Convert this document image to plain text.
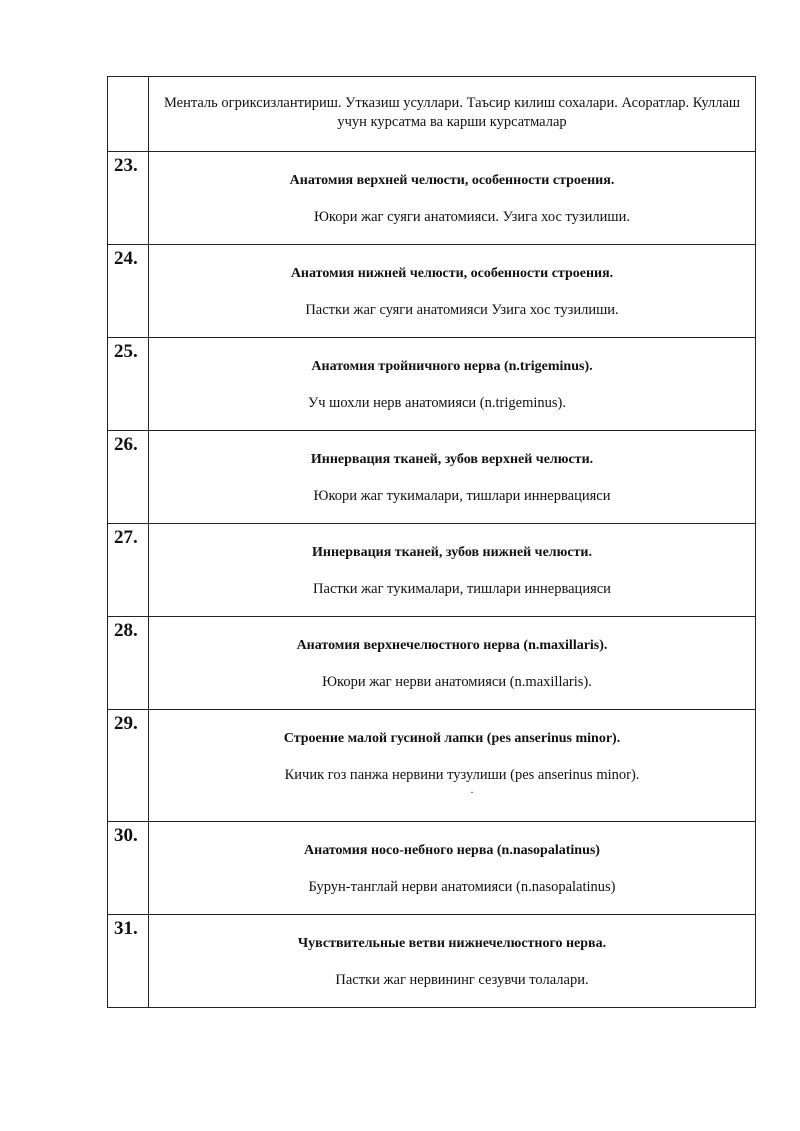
	Менталь огриксизлантириш. Утказиш усуллари. Таъсир килиш сохалари. Асоратлар. Куллаш учун курсатма ва карши курсатмалар

23.	Анатомия верхней челюсти, особенности строения.
Юкори жаг суяги анатомияси. Узига хос тузилиши.

24.	Анатомия нижней челюсти, особенности строения.
Пастки жаг суяги анатомияси Узига хос тузилиши.

25.	Анатомия тройничного нерва (n.trigeminus).
Уч шохли нерв анатомияси (n.trigeminus).

26.	Иннервация тканей, зубов верхней челюсти.
Юкори жаг тукималари, тишлари иннервацияси

27.	Иннервация тканей, зубов нижней челюсти.
Пастки жаг тукималари, тишлари иннервацияси

28.	Анатомия верхнечелюстного нерва (n.maxillaris).
Юкори жаг нерви анатомияси (n.maxillaris).

29.	Строение малой гусиной лапки (pes anserinus minor).
Кичик гоз панжа нервини тузулиши (pes anserinus minor).
.

30.	Анатомия носо-небного нерва (n.nasopalatinus)
Бурун-танглай нерви анатомияси (n.nasopalatinus)

31.	Чувствительные ветви нижнечелюстного нерва.
Пастки жаг нервининг сезувчи толалари.
